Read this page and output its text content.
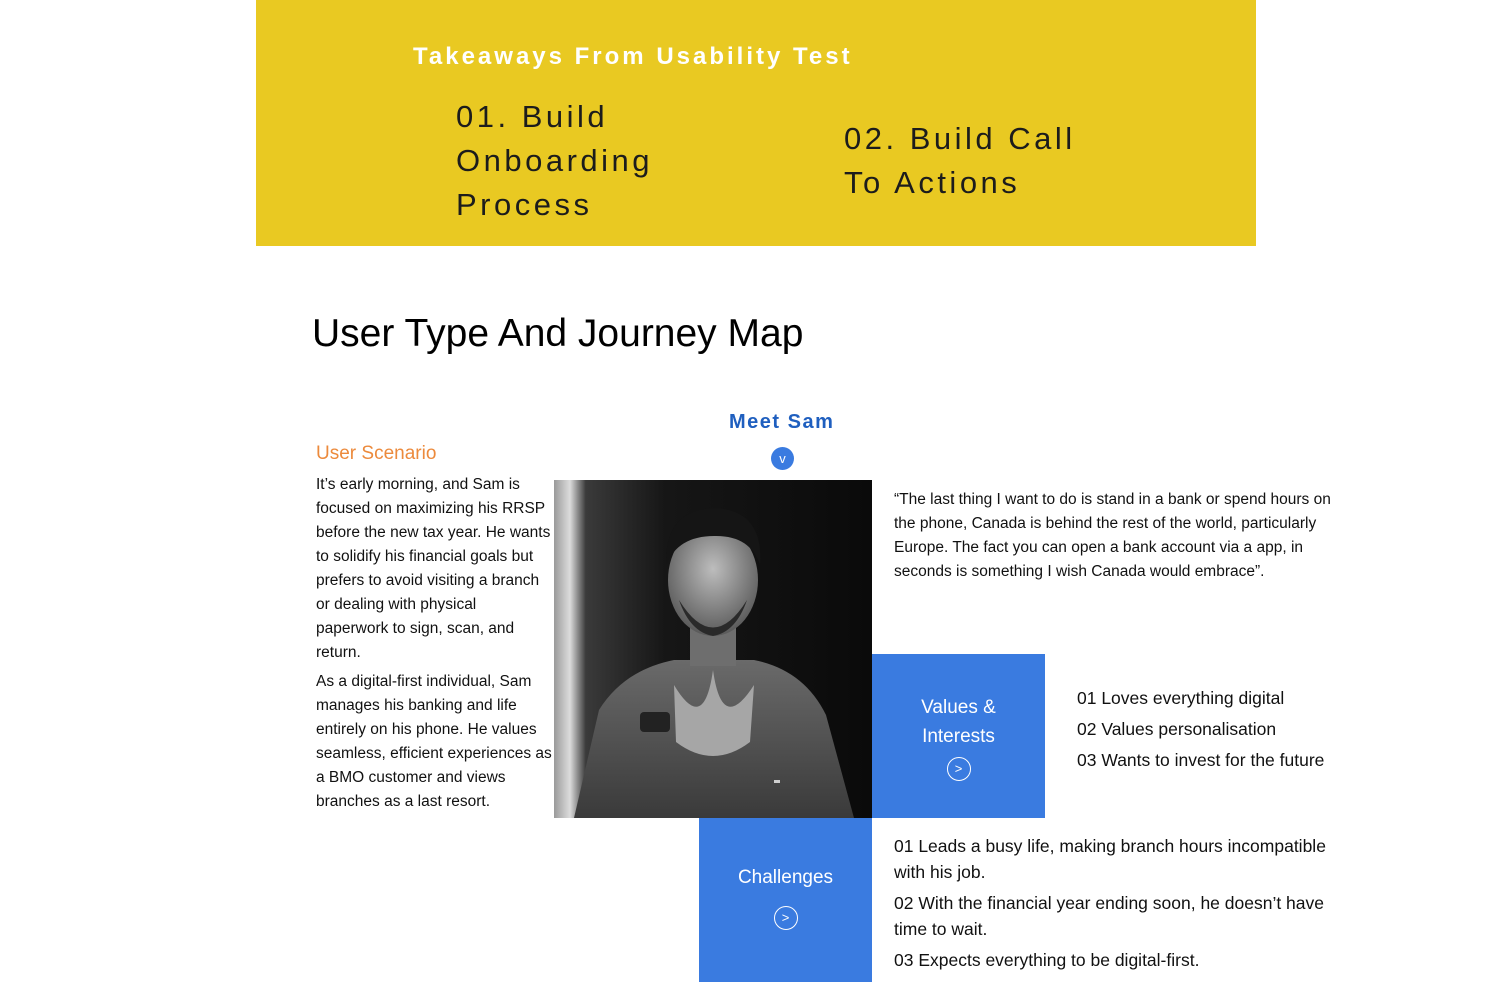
Takeaways From Usability Test
01. Build Onboarding Process
02. Build Call To Actions
User Type And Journey Map
Meet Sam
v
User Scenario

It’s early morning, and Sam is focused on maximizing his RRSP before the new tax year. He wants to solidify his financial goals but prefers to avoid visiting a branch or dealing with physical paperwork to sign, scan, and return.

As a digital-first individual, Sam manages his banking and life entirely on his phone. He values seamless, efficient experiences as a BMO customer and views branches as a last resort.

“The last thing I want to do is stand in a bank or spend hours on the phone, Canada is behind the rest of the world, particularly Europe. The fact you can open a bank account via a app, in seconds is something I wish Canada would embrace”.

Values &
Interests
>

01 Loves everything digital

02 Values personalisation

03 Wants to invest for the future

Challenges
>

01 Leads a busy life, making branch hours incompatible with his job.

02 With the financial year ending soon, he doesn’t have time to wait.

03 Expects everything to be digital-first.
